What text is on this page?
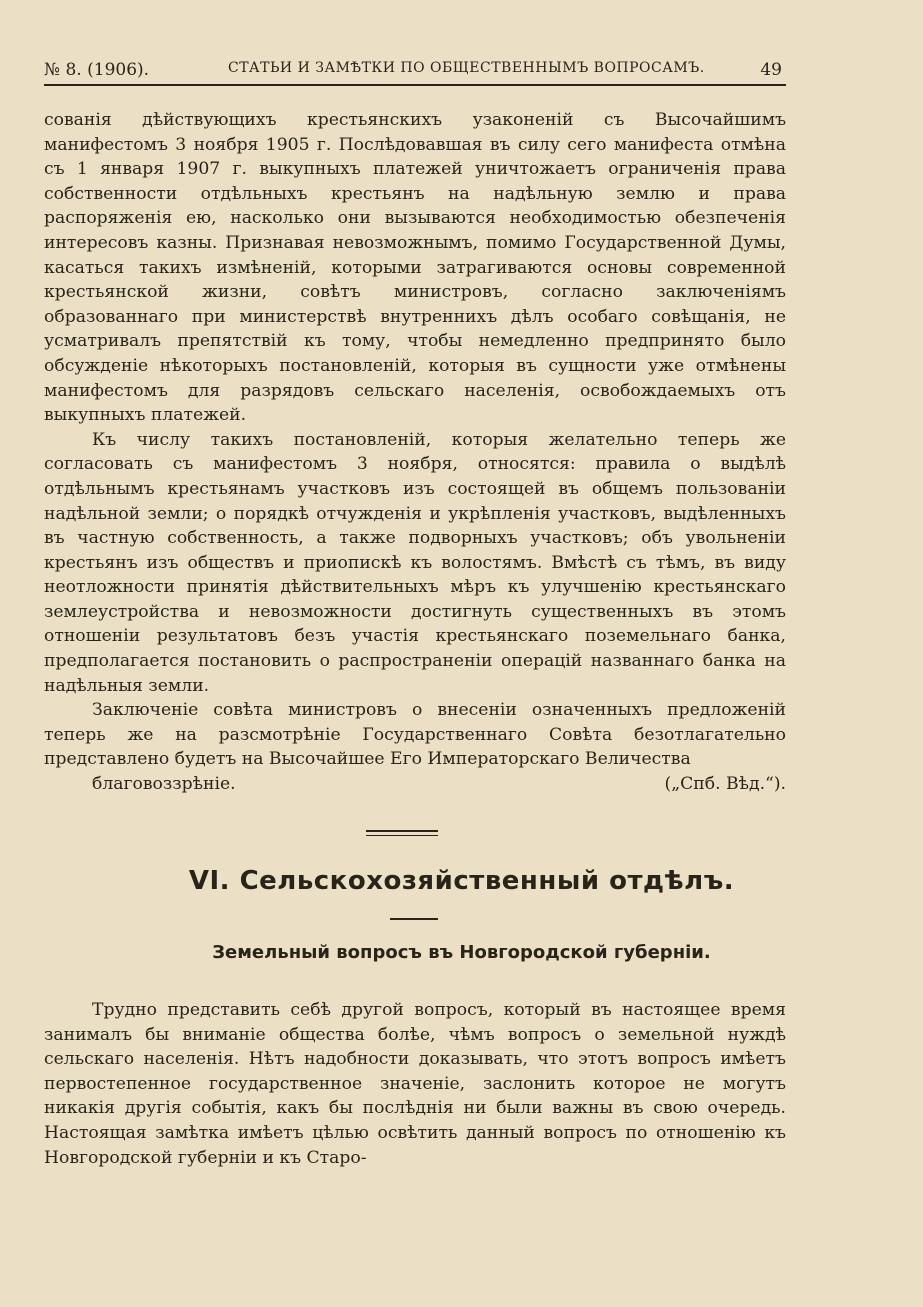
№ 8. (1906).	СТАТЬИ И ЗАМѢТКИ ПО ОБЩЕСТВЕННЫМЪ ВОПРОСАМЪ.	49

сованія дѣйствующихъ крестьянскихъ узаконеній съ Высочайшимъ манифестомъ 3 ноября 1905 г. Послѣдовавшая въ силу сего манифеста отмѣна съ 1 января 1907 г. выкупныхъ платежей уничтожаетъ ограниченія права собственности отдѣльныхъ крестьянъ на надѣльную землю и права распоряженія ею, насколько они вызываются необходимостью обезпеченія интересовъ казны. Признавая невозможнымъ, помимо Государственной Думы, касаться такихъ измѣненій, которыми затрагиваются основы современной крестьянской жизни, совѣтъ министровъ, согласно заключеніямъ образованнаго при министерствѣ внутреннихъ дѣлъ особаго совѣщанія, не усматривалъ препятствій къ тому, чтобы немедленно предпринято было обсужденіе нѣкоторыхъ постановленій, которыя въ сущности уже отмѣнены манифестомъ для разрядовъ сельскаго населенія, освобождаемыхъ отъ выкупныхъ платежей.

Къ числу такихъ постановленій, которыя желательно теперь же согласовать съ манифестомъ 3 ноября, относятся: правила о выдѣлѣ отдѣльнымъ крестьянамъ участковъ изъ состоящей въ общемъ пользованіи надѣльной земли; о порядкѣ отчужденія и укрѣпленія участковъ, выдѣленныхъ въ частную собственность, а также подворныхъ участковъ; объ увольненіи крестьянъ изъ обществъ и приопискѣ къ волостямъ. Вмѣстѣ съ тѣмъ, въ виду неотложности принятія дѣйствительныхъ мѣръ къ улучшенію крестьянскаго землеустройства и невозможности достигнуть существенныхъ въ этомъ отношеніи результатовъ безъ участія крестьянскаго поземельнаго банка, предполагается постановить о распространеніи операцій названнаго банка на надѣльныя земли.

Заключеніе совѣта министровъ о внесеніи означенныхъ предложеній теперь же на разсмотрѣніе Государственнаго Совѣта безотлагательно представлено будетъ на Высочайшее Его Императорскаго Величества

благовоззрѣніе.	(„Спб. Вѣд.“).

VI. Сельскохозяйственный отдѣлъ.
Земельный вопросъ въ Новгородской губерніи.

Трудно представить себѣ другой вопросъ, который въ настоящее время занималъ бы вниманіе общества болѣе, чѣмъ вопросъ о земельной нуждѣ сельскаго населенія. Нѣтъ надобности доказывать, что этотъ вопросъ имѣетъ первостепенное государственное значеніе, заслонить которое не могутъ никакія другія событія, какъ бы послѣднія ни были важны въ свою очередь. Настоящая замѣтка имѣетъ цѣлью освѣтить данный вопросъ по отношенію къ Новгородской губерніи и къ Старо-
